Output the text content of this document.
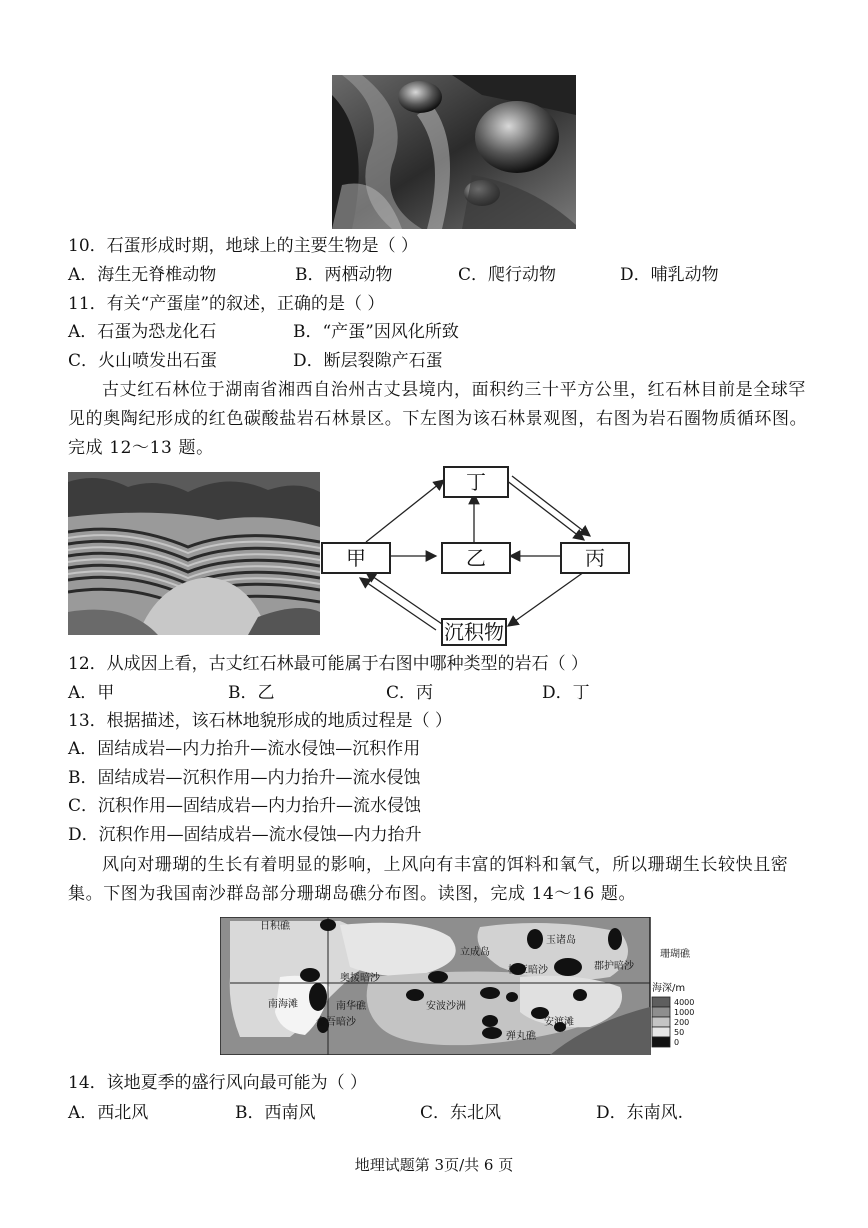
10．石蛋形成时期，地球上的主要生物是（ ）
A．海生无脊椎动物	B．两栖动物	C．爬行动物	D．哺乳动物
11．有关“产蛋崖”的叙述，正确的是（ ）
A．石蛋为恐龙化石	B．“产蛋”因风化所致
C．火山喷发出石蛋	D．断层裂隙产石蛋
古丈红石林位于湖南省湘西自治州古丈县境内，面积约三十平方公里，红石林目前是全球罕见的奥陶纪形成的红色碳酸盐岩石林景区。下左图为该石林景观图，右图为岩石圈物质循环图。完成 12～13 题。
丁
甲	乙	丙
沉积物
12．从成因上看，古丈红石林最可能属于右图中哪种类型的岩石（ ）
A．甲	B．乙	C．丙	D．丁
13．根据描述，该石林地貌形成的地质过程是（ ）
A．固结成岩—内力抬升—流水侵蚀—沉积作用
B．固结成岩—沉积作用—内力抬升—流水侵蚀
C．沉积作用—固结成岩—内力抬升—流水侵蚀
D．沉积作用—固结成岩—流水侵蚀—内力抬升
风向对珊瑚的生长有着明显的影响，上风向有丰富的饵料和氧气，所以珊瑚生长较快且密集。下图为我国南沙群岛部分珊瑚岛礁分布图。读图，完成 14～16 题。
日积礁
立成岛
玉诸岛
珊瑚礁
榆亚暗沙	郡护暗沙
奥援暗沙
安波沙洲
南海滩	南华礁
金吾暗沙	安渡滩
弹丸礁
海深/m
4000
1000
200
50
0
14．该地夏季的盛行风向最可能为（ ）
A．西北风	B．西南风	C．东北风	D．东南风.
地理试题第 3页/共 6 页
